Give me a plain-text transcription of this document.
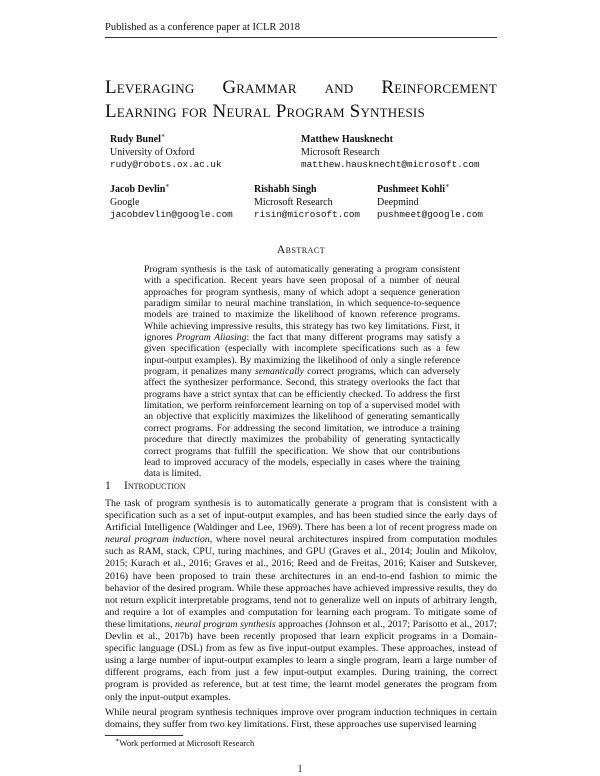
Published as a conference paper at ICLR 2018
Leveraging Grammar and Reinforcement
Learning for Neural Program Synthesis
Rudy Bunel∗
University of Oxford
rudy@robots.ox.ac.uk
Matthew Hausknecht
Microsoft Research
matthew.hausknecht@microsoft.com
Jacob Devlin∗
Google
jacobdevlin@google.com
Rishabh Singh
Microsoft Research
risin@microsoft.com
Pushmeet Kohli∗
Deepmind
pushmeet@google.com
Abstract
Program synthesis is the task of automatically generating a program consistent with a specification. Recent years have seen proposal of a number of neural approaches for program synthesis, many of which adopt a sequence generation paradigm similar to neural machine translation, in which sequence-to-sequence models are trained to maximize the likelihood of known reference programs. While achieving impressive results, this strategy has two key limitations. First, it ignores Program Aliasing: the fact that many different programs may satisfy a given specification (especially with incomplete specifications such as a few input-output examples). By maximizing the likelihood of only a single reference program, it penalizes many semantically correct programs, which can adversely affect the synthesizer performance. Second, this strategy overlooks the fact that programs have a strict syntax that can be efficiently checked. To address the first limitation, we perform reinforcement learning on top of a supervised model with an objective that explicitly maximizes the likelihood of generating semantically correct programs. For addressing the second limitation, we introduce a training procedure that directly maximizes the probability of generating syntactically correct programs that fulfill the specification. We show that our contributions lead to improved accuracy of the models, especially in cases where the training data is limited.
1 Introduction
The task of program synthesis is to automatically generate a program that is consistent with a specification such as a set of input-output examples, and has been studied since the early days of Artificial Intelligence (Waldinger and Lee, 1969). There has been a lot of recent progress made on neural program induction, where novel neural architectures inspired from computation modules such as RAM, stack, CPU, turing machines, and GPU (Graves et al., 2014; Joulin and Mikolov, 2015; Kurach et al., 2016; Graves et al., 2016; Reed and de Freitas, 2016; Kaiser and Sutskever, 2016) have been proposed to train these architectures in an end-to-end fashion to mimic the behavior of the desired program. While these approaches have achieved impressive results, they do not return explicit interpretable programs, tend not to generalize well on inputs of arbitrary length, and require a lot of examples and computation for learning each program. To mitigate some of these limitations, neural program synthesis approaches (Johnson et al., 2017; Parisotto et al., 2017; Devlin et al., 2017b) have been recently proposed that learn explicit programs in a Domain-specific language (DSL) from as few as five input-output examples. These approaches, instead of using a large number of input-output examples to learn a single program, learn a large number of different programs, each from just a few input-output examples. During training, the correct program is provided as reference, but at test time, the learnt model generates the program from only the input-output examples.
While neural program synthesis techniques improve over program induction techniques in certain domains, they suffer from two key limitations. First, these approaches use supervised learning
∗Work performed at Microsoft Research
1
